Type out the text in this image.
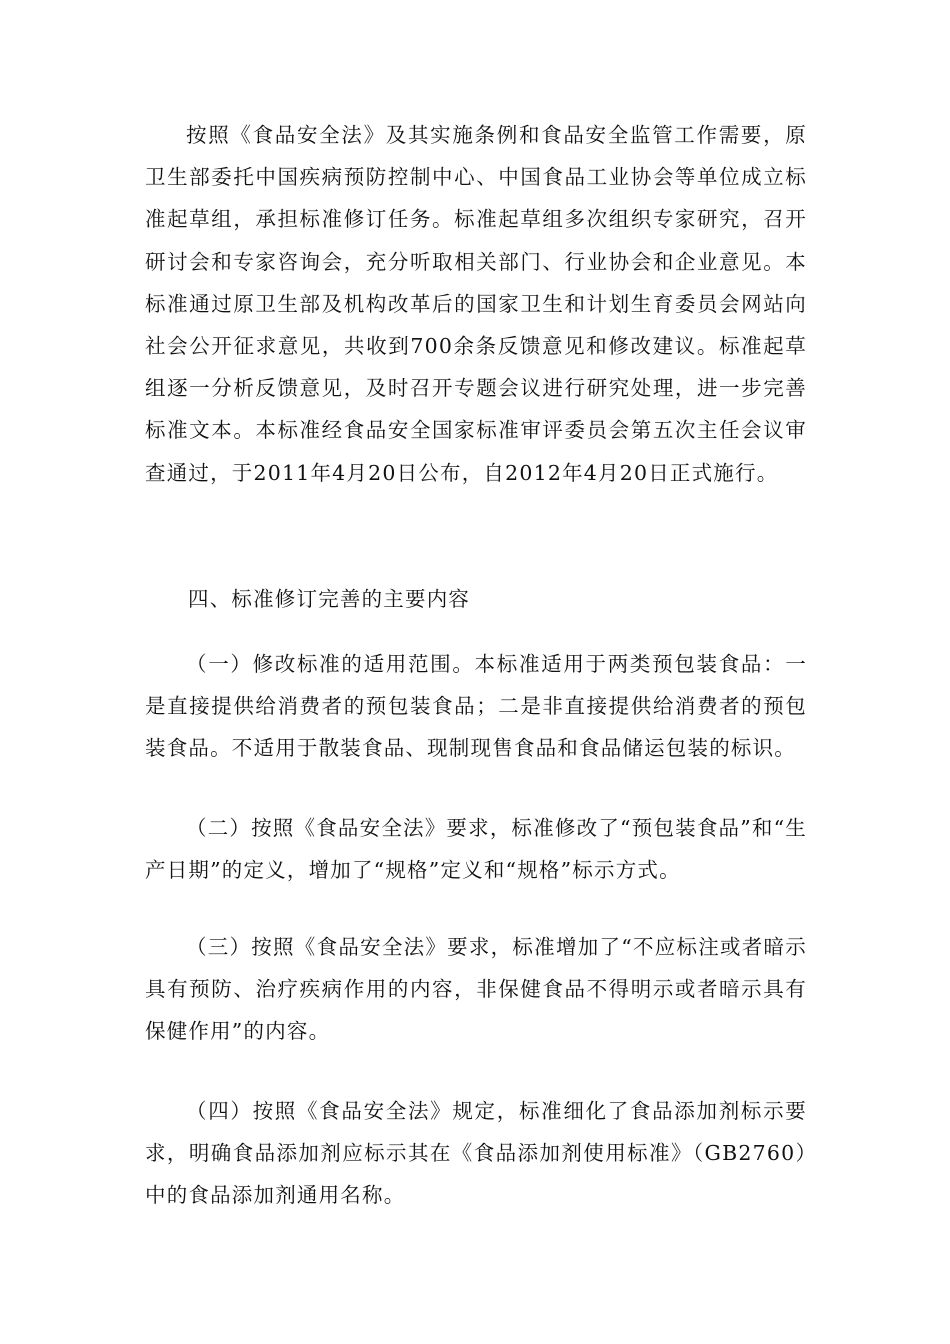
按照《食品安全法》及其实施条例和食品安全监管工作需要，原卫生部委托中国疾病预防控制中心、中国食品工业协会等单位成立标准起草组，承担标准修订任务。标准起草组多次组织专家研究，召开研讨会和专家咨询会，充分听取相关部门、行业协会和企业意见。本标准通过原卫生部及机构改革后的国家卫生和计划生育委员会网站向社会公开征求意见，共收到700余条反馈意见和修改建议。标准起草组逐一分析反馈意见，及时召开专题会议进行研究处理，进一步完善标准文本。本标准经食品安全国家标准审评委员会第五次主任会议审查通过，于2011年4月20日公布，自2012年4月20日正式施行。

四、标准修订完善的主要内容

（一）修改标准的适用范围。本标准适用于两类预包装食品：一是直接提供给消费者的预包装食品；二是非直接提供给消费者的预包装食品。不适用于散装食品、现制现售食品和食品储运包装的标识。

（二）按照《食品安全法》要求，标准修改了“预包装食品”和“生产日期”的定义，增加了“规格”定义和“规格”标示方式。

（三）按照《食品安全法》要求，标准增加了“不应标注或者暗示具有预防、治疗疾病作用的内容，非保健食品不得明示或者暗示具有保健作用”的内容。

（四）按照《食品安全法》规定，标准细化了食品添加剂标示要求，明确食品添加剂应标示其在《食品添加剂使用标准》（GB2760）中的食品添加剂通用名称。
